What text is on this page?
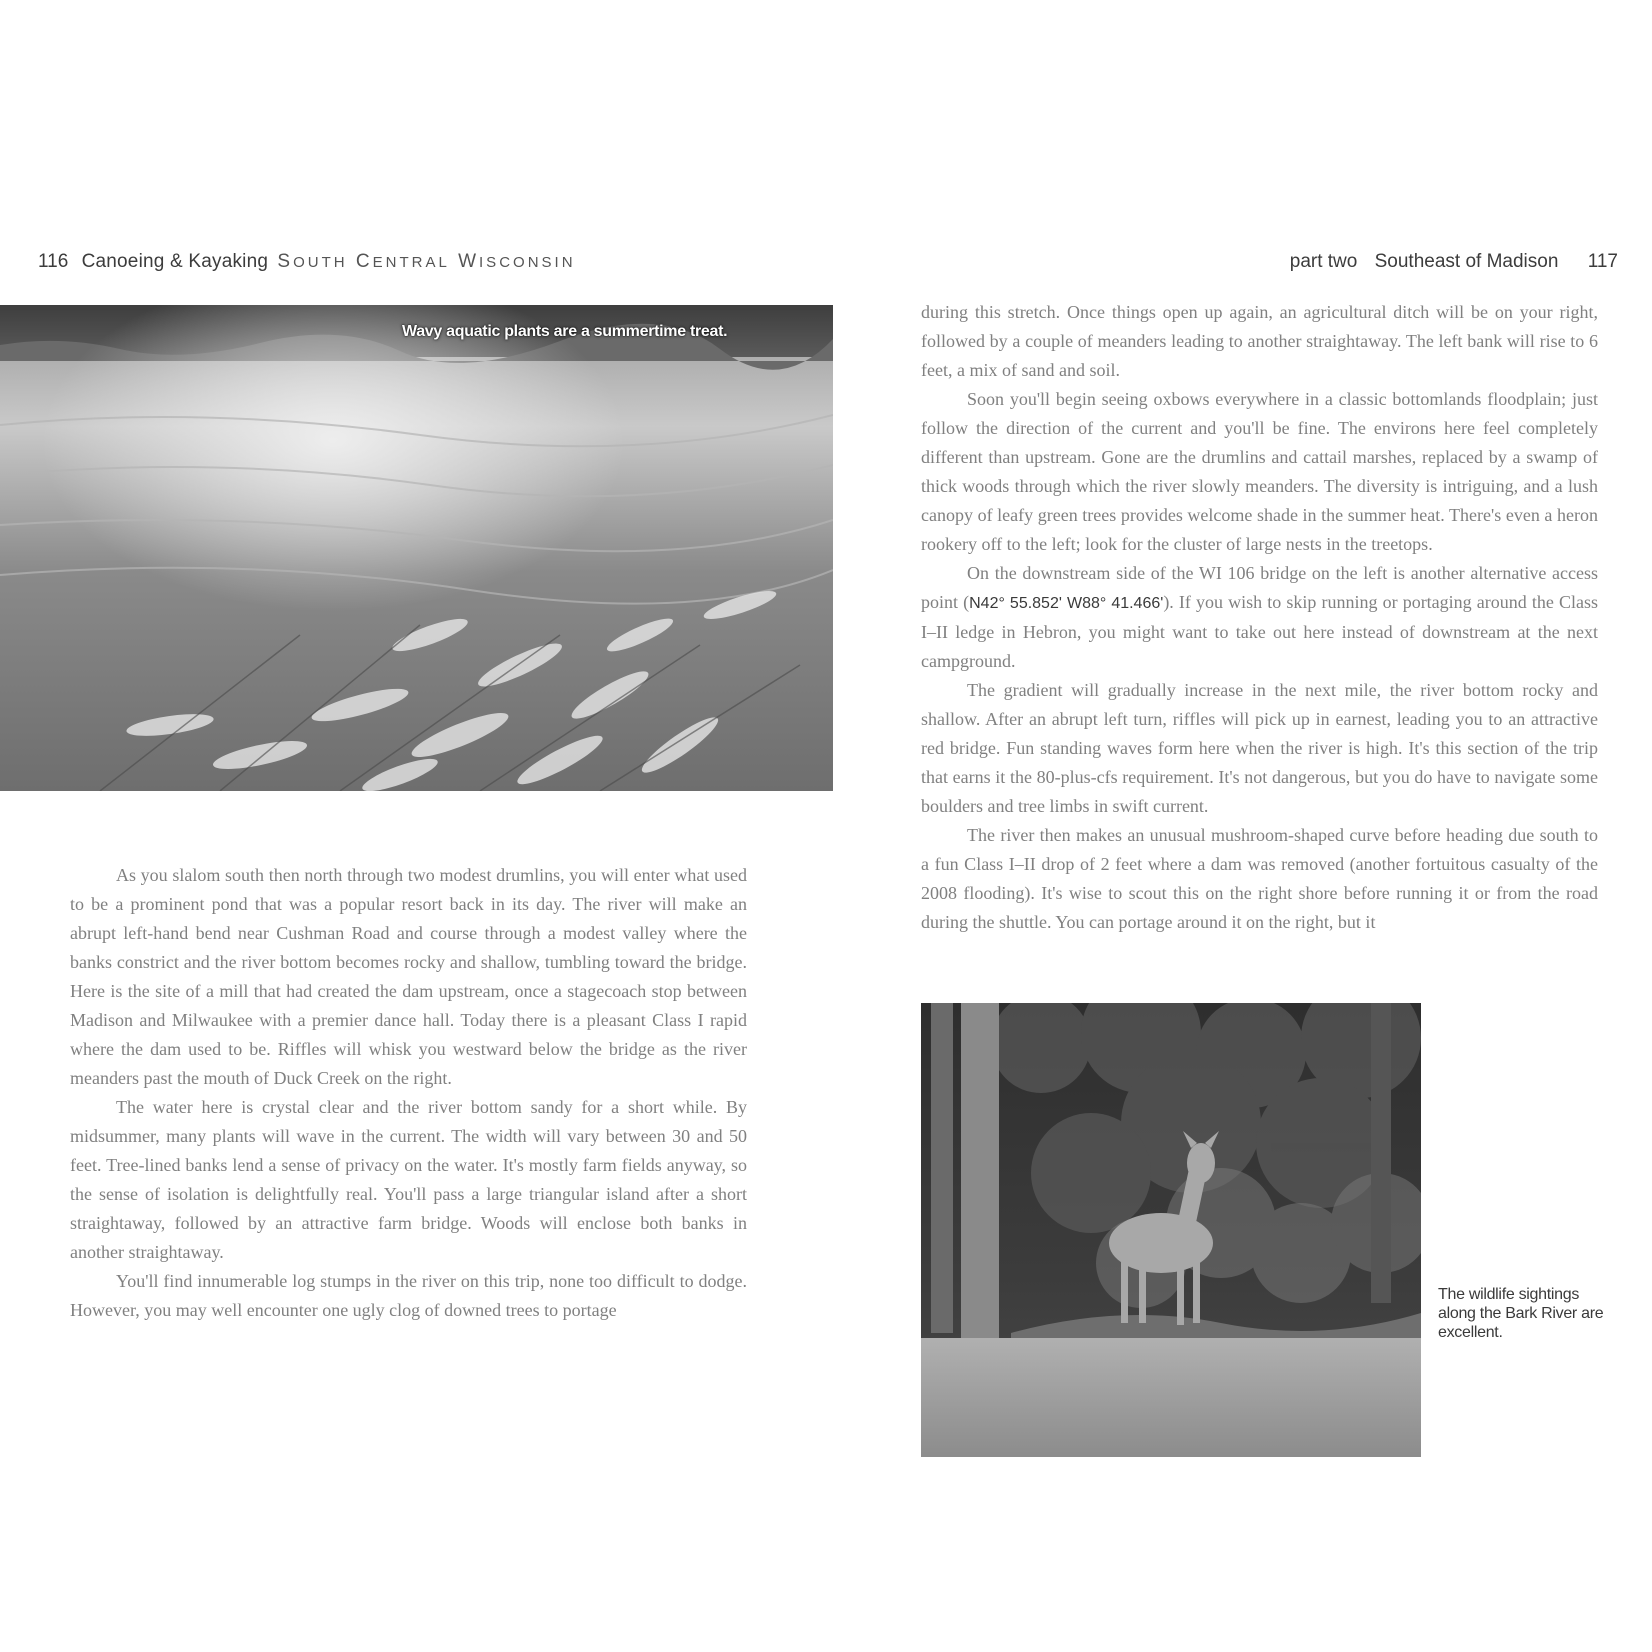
116 Canoeing & Kayaking SOUTH CENTRAL WISCONSIN	part two Southeast of Madison 117
Wavy aquatic plants are a summertime treat.

As you slalom south then north through two modest drumlins, you will enter what used to be a prominent pond that was a popular resort back in its day. The river will make an abrupt left-hand bend near Cushman Road and course through a modest valley where the banks constrict and the river bottom becomes rocky and shallow, tumbling toward the bridge. Here is the site of a mill that had created the dam upstream, once a stagecoach stop between Madison and Milwaukee with a premier dance hall. Today there is a pleasant Class I rapid where the dam used to be. Riffles will whisk you westward below the bridge as the river meanders past the mouth of Duck Creek on the right.

The water here is crystal clear and the river bottom sandy for a short while. By midsummer, many plants will wave in the current. The width will vary between 30 and 50 feet. Tree-lined banks lend a sense of privacy on the water. It's mostly farm fields anyway, so the sense of isolation is delightfully real. You'll pass a large triangular island after a short straightaway, followed by an attractive farm bridge. Woods will enclose both banks in another straightaway.

You'll find innumerable log stumps in the river on this trip, none too difficult to dodge. However, you may well encounter one ugly clog of downed trees to portage

during this stretch. Once things open up again, an agricultural ditch will be on your right, followed by a couple of meanders leading to another straightaway. The left bank will rise to 6 feet, a mix of sand and soil.

Soon you'll begin seeing oxbows everywhere in a classic bottomlands floodplain; just follow the direction of the current and you'll be fine. The environs here feel completely different than upstream. Gone are the drumlins and cattail marshes, replaced by a swamp of thick woods through which the river slowly meanders. The diversity is intriguing, and a lush canopy of leafy green trees provides welcome shade in the summer heat. There's even a heron rookery off to the left; look for the cluster of large nests in the treetops.

On the downstream side of the WI 106 bridge on the left is another alternative access point (N42° 55.852' W88° 41.466'). If you wish to skip running or portaging around the Class I–II ledge in Hebron, you might want to take out here instead of downstream at the next campground.

The gradient will gradually increase in the next mile, the river bottom rocky and shallow. After an abrupt left turn, riffles will pick up in earnest, leading you to an attractive red bridge. Fun standing waves form here when the river is high. It's this section of the trip that earns it the 80-plus-cfs requirement. It's not dangerous, but you do have to navigate some boulders and tree limbs in swift current.

The river then makes an unusual mushroom-shaped curve before heading due south to a fun Class I–II drop of 2 feet where a dam was removed (another fortuitous casualty of the 2008 flooding). It's wise to scout this on the right shore before running it or from the road during the shuttle. You can portage around it on the right, but it

The wildlife sightings along the Bark River are excellent.
